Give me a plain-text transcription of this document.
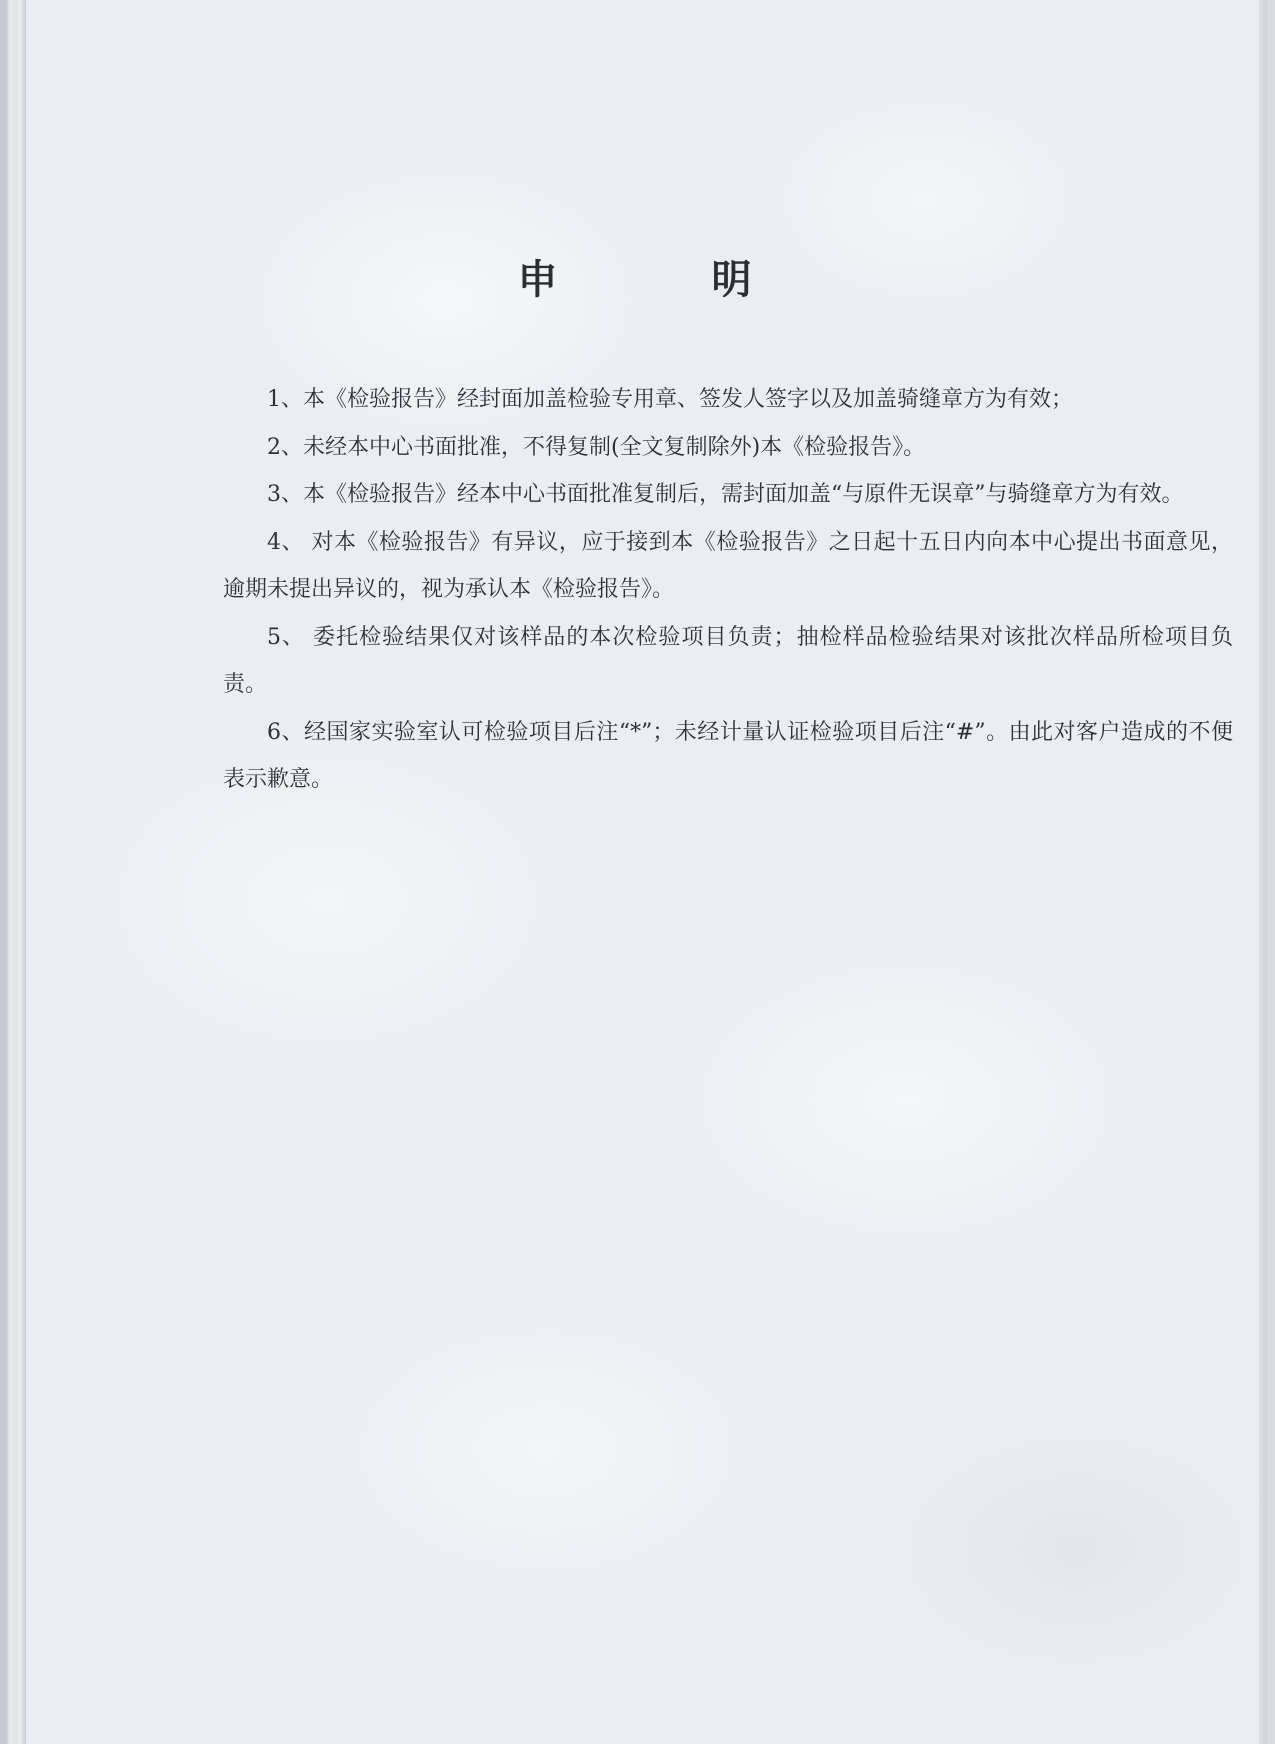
申 明

1、本《检验报告》经封面加盖检验专用章、签发人签字以及加盖骑缝章方为有效；

2、未经本中心书面批准，不得复制(全文复制除外)本《检验报告》。

3、本《检验报告》经本中心书面批准复制后，需封面加盖“与原件无误章”与骑缝章方为有效。

4、 对本《检验报告》有异议，应于接到本《检验报告》之日起十五日内向本中心提出书面意见，逾期未提出异议的，视为承认本《检验报告》。

5、 委托检验结果仅对该样品的本次检验项目负责；抽检样品检验结果对该批次样品所检项目负责。

6、经国家实验室认可检验项目后注“*”；未经计量认证检验项目后注“#”。由此对客户造成的不便表示歉意。
